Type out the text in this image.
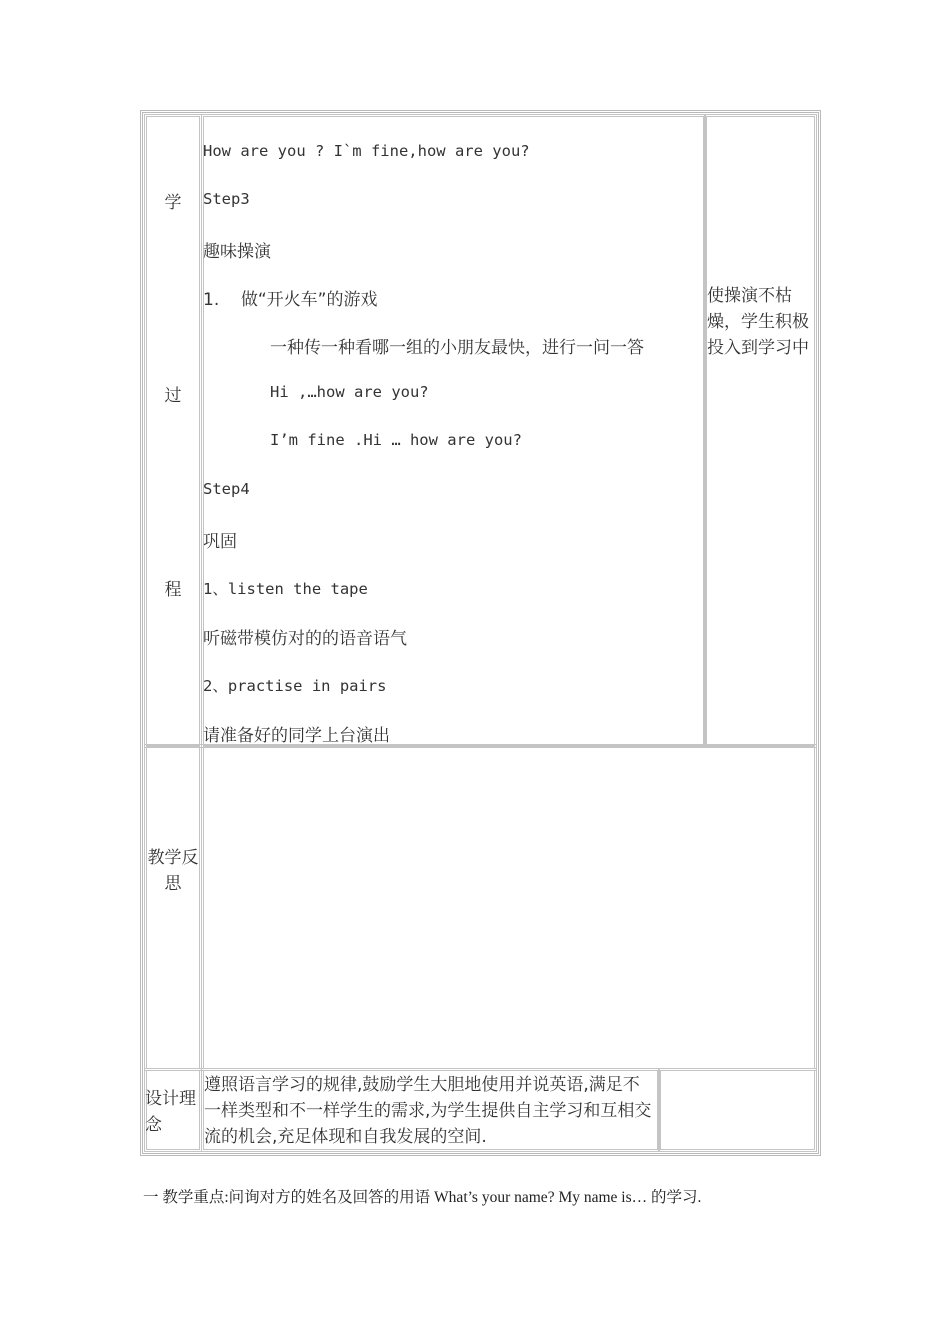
学
过
程
How are you ? I`m fine,how are you?
Step3
趣味操演
1.    做“开火车”的游戏
一种传一种看哪一组的小朋友最快，进行一问一答
Hi ,…how are you?
I’m fine .Hi … how are you?
Step4
巩固
1、listen the tape
听磁带模仿对的的语音语气
2、practise in pairs
请准备好的同学上台演出
使操演不枯燥，学生积极投入到学习中
教学反思
设计理念
遵照语言学习的规律,鼓励学生大胆地使用并说英语,满足不一样类型和不一样学生的需求,为学生提供自主学习和互相交流的机会,充足体现和自我发展的空间.
一 教学重点:问询对方的姓名及回答的用语 What’s your name? My name is… 的学习.
